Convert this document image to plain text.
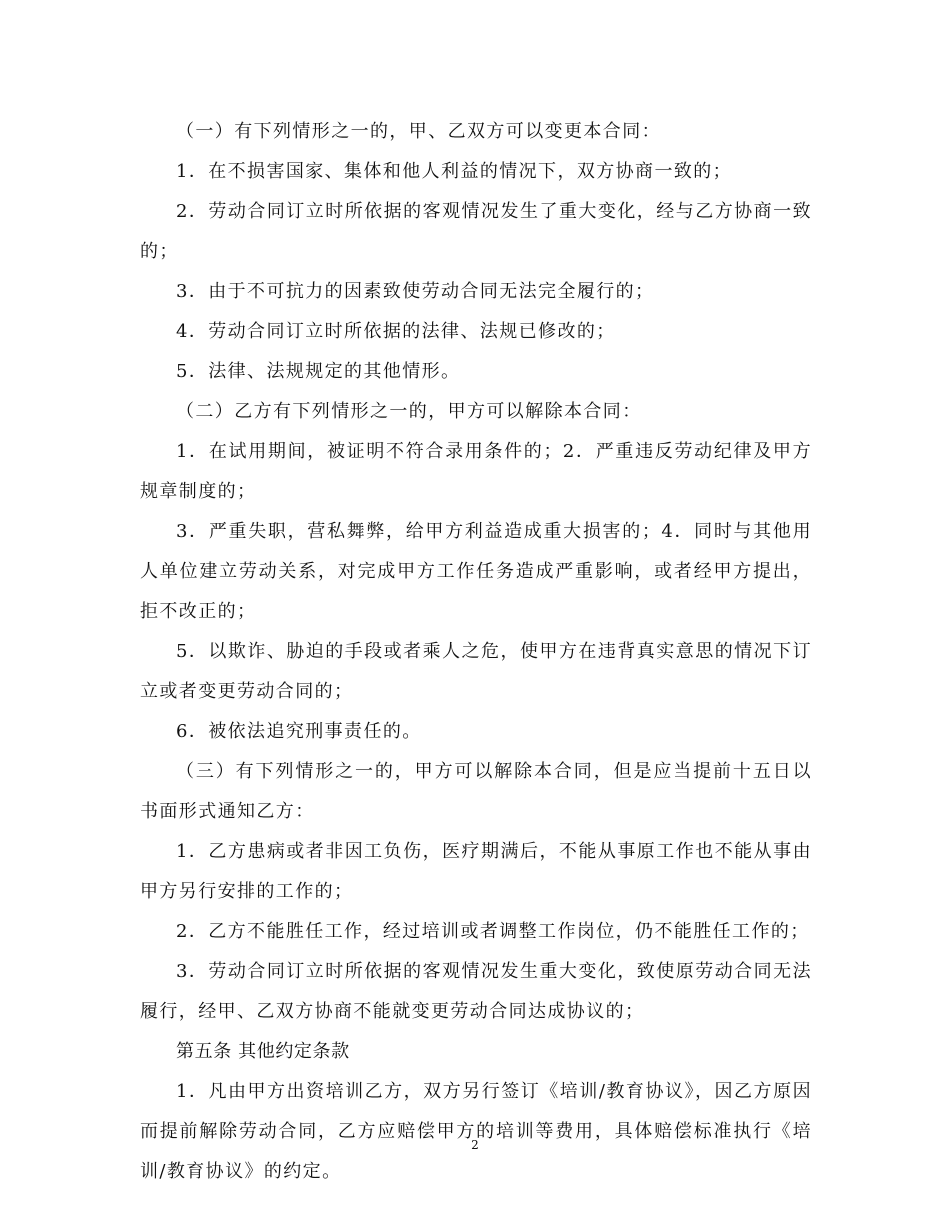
（一）有下列情形之一的，甲、乙双方可以变更本合同：

1．在不损害国家、集体和他人利益的情况下，双方协商一致的；

2．劳动合同订立时所依据的客观情况发生了重大变化，经与乙方协商一致的；

3．由于不可抗力的因素致使劳动合同无法完全履行的；

4．劳动合同订立时所依据的法律、法规已修改的；

5．法律、法规规定的其他情形。

（二）乙方有下列情形之一的，甲方可以解除本合同：

1．在试用期间，被证明不符合录用条件的；2．严重违反劳动纪律及甲方规章制度的；

3．严重失职，营私舞弊，给甲方利益造成重大损害的；4．同时与其他用人单位建立劳动关系，对完成甲方工作任务造成严重影响，或者经甲方提出，拒不改正的；

5．以欺诈、胁迫的手段或者乘人之危，使甲方在违背真实意思的情况下订立或者变更劳动合同的；

6．被依法追究刑事责任的。

（三）有下列情形之一的，甲方可以解除本合同，但是应当提前十五日以书面形式通知乙方：

1．乙方患病或者非因工负伤，医疗期满后，不能从事原工作也不能从事由甲方另行安排的工作的；

2．乙方不能胜任工作，经过培训或者调整工作岗位，仍不能胜任工作的；

3．劳动合同订立时所依据的客观情况发生重大变化，致使原劳动合同无法履行，经甲、乙双方协商不能就变更劳动合同达成协议的；

第五条 其他约定条款

1．凡由甲方出资培训乙方，双方另行签订《培训/教育协议》，因乙方原因而提前解除劳动合同，乙方应赔偿甲方的培训等费用，具体赔偿标准执行《培训/教育协议》的约定。

2
